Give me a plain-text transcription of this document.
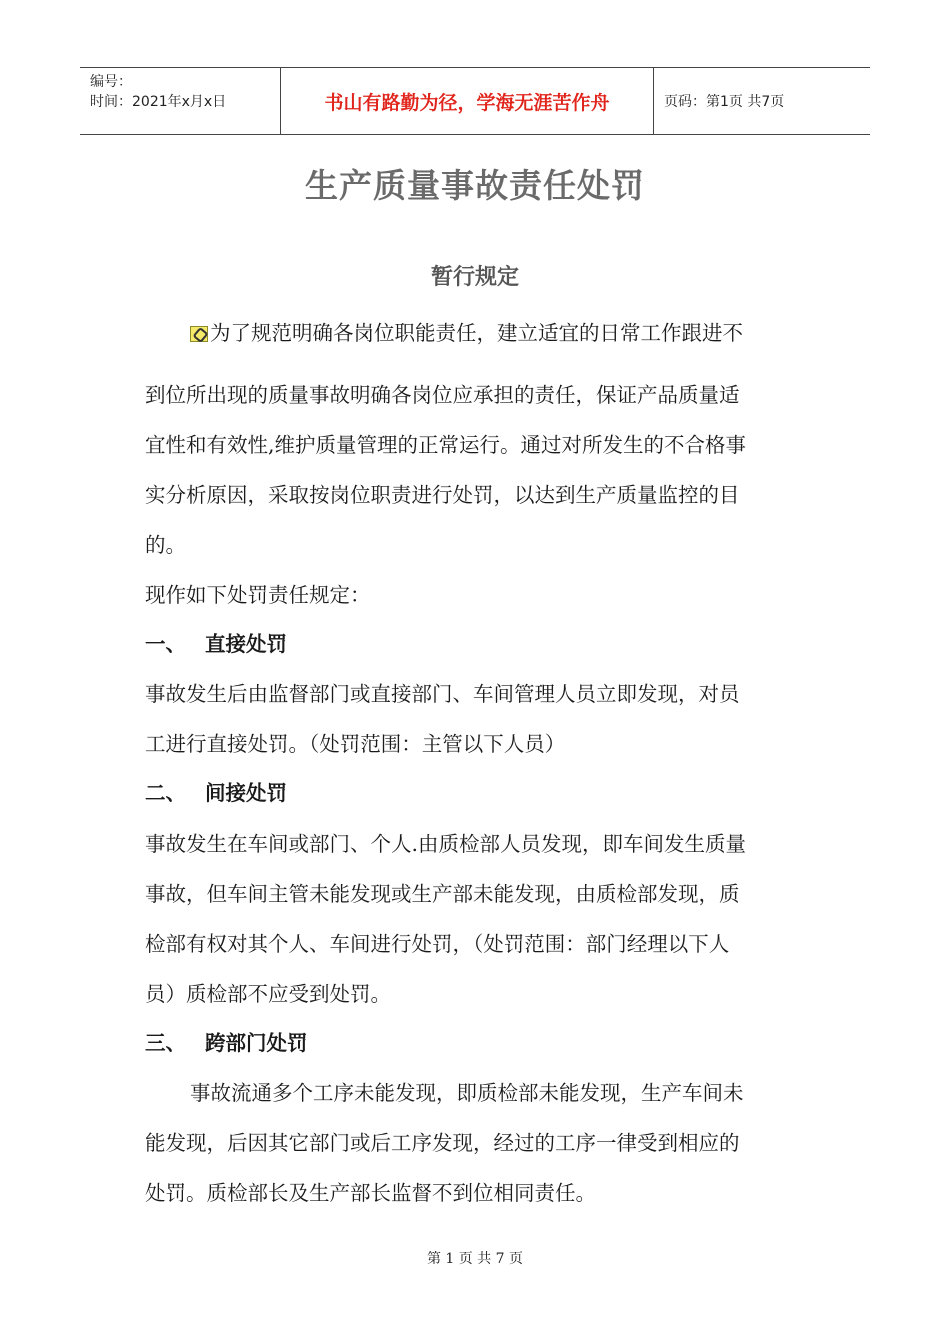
编号：
时间：2021年x月x日	书山有路勤为径，学海无涯苦作舟	页码：第1页 共7页
生产质量事故责任处罚
暂行规定
为了规范明确各岗位职能责任，建立适宜的日常工作跟进不
到位所出现的质量事故明确各岗位应承担的责任，保证产品质量适
宜性和有效性,维护质量管理的正常运行。通过对所发生的不合格事
实分析原因，采取按岗位职责进行处罚，以达到生产质量监控的目
的。
现作如下处罚责任规定：
一、 直接处罚
事故发生后由监督部门或直接部门、车间管理人员立即发现，对员
工进行直接处罚。（处罚范围：主管以下人员）
二、 间接处罚
事故发生在车间或部门、个人.由质检部人员发现，即车间发生质量
事故，但车间主管未能发现或生产部未能发现，由质检部发现，质
检部有权对其个人、车间进行处罚，（处罚范围：部门经理以下人
员）质检部不应受到处罚。
三、 跨部门处罚
事故流通多个工序未能发现，即质检部未能发现，生产车间未
能发现，后因其它部门或后工序发现，经过的工序一律受到相应的
处罚。质检部长及生产部长监督不到位相同责任。
第 1 页 共 7 页
